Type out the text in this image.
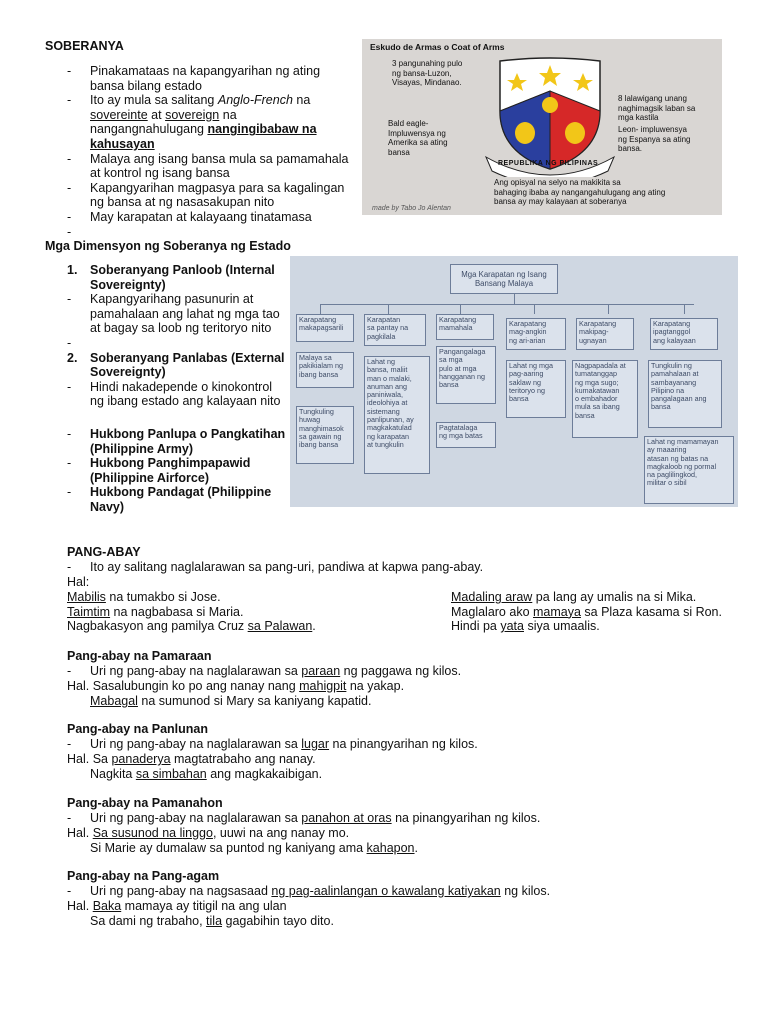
SOBERANYA
- Pinakamataas na kapangyarihan ng ating
bansa bilang estado
- Ito ay mula sa salitang Anglo-French na
soverеinte at sovereign na
nangangnahulugang nangingibabaw na
kahusayan
- Malaya ang isang bansa mula sa pamamahala
at kontrol ng isang bansa
- Kapangyarihan magpasya para sa kagalingan
ng bansa at ng nasasakupan nito
- May karapatan at kalayaang tinatamasa
-

Eskudo de Armas o Coat of Arms
3 pangunahing pulo
ng bansa-Luzon,
Visayas, Mindanao.
8 lalawigang unang
naghimagsik laban sa
mga kastila
Bald eagle-
Impluwensya ng
Amerika sa ating
bansa
Leon- impluwensya
ng Espanya sa ating
bansa.
Ang opisyal na selyo na makikita sa
bahaging ibaba ay nangangahulugang ang ating
bansa ay may kalayaan at soberanya
made by Tabo Jo Alentan
REPUBLIKA NG PILIPINAS
Mga Dimensyon ng Soberanya ng Estado
1. Soberanyang Panloob (Internal
Sovereignty)
- Kapangyarihang pasunurin at
pamahalaan ang lahat ng mga tao
at bagay sa loob ng teritoryo nito
-

2. Soberanyang Panlabas (External
Sovereignty)
- Hindi nakadepende o kinokontrol
ng ibang estado ang kalayaan nito
- Hukbong Panlupa o Pangkatihan
(Philippine Army)
- Hukbong Panghimpapawid
(Philippine Airforce)
- Hukbong Pandagat (Philippine
Navy)
Mga Karapatan ng Isang
Bansang Malaya
Karapatang
makapagsarili
Karapatan
sa pantay na
pagkilala
Karapatang
mamahala	Karapatang
mag-angkin
ng ari-arian
Karapatang
makipag-
ugnayan
Karapatang
ipagtanggol
ang kalayaan
Malaya sa
pakikialam ng
ibang bansa
Tungkuling
huwag
manghimasok
sa gawain ng
ibang bansa
Lahat ng
bansa, maliit
man o malaki,
anuman ang
paniniwala,
ideolohiya at
sistemang
panlipunan, ay
magkakatulad
ng karapatan
at tungkulin
Pangangalaga
sa mga
pulo at mga
hangganan ng
bansa
Pagtatalaga
ng mga batas
Lahat ng mga
pag-aaring
saklaw ng
teritoryo ng
bansa
Nagpapadala at
tumatanggap
ng mga sugo;
kumakatawan
o embahador
mula sa ibang
bansa
Tungkulin ng
pamahalaan at
sambayanang
Pilipino na
pangalagaan ang
bansa
Lahat ng mamamayan
ay maaaring
atasan ng batas na
magkaloob ng pormal
na paglilingkod,
militar o sibil
PANG-ABAY
- Ito ay salitang naglalarawan sa pang-uri, pandiwa at kapwa pang-abay.
Hal:
Mabilis na tumakbo si Jose.
Taimtim na nagbabasa si Maria.
Nagbakasyon ang pamilya Cruz sa Palawan.
Madaling araw pa lang ay umalis na si Mika.
Maglalaro ako mamaya sa Plaza kasama si Ron.
Hindi pa yata siya umaalis.
Pang-abay na Pamaraan
- Uri ng pang-abay na naglalarawan sa paraan ng paggawa ng kilos.
Hal. Sasalubungin ko po ang nanay nang mahigpit na yakap.
Mabagal na sumunod si Mary sa kaniyang kapatid.
Pang-abay na Panlunan
- Uri ng pang-abay na naglalarawan sa lugar na pinangyarihan ng kilos.
Hal. Sa panaderya magtatrabaho ang nanay.
Nagkita sa simbahan ang magkakaibigan.
Pang-abay na Pamanahon
- Uri ng pang-abay na naglalarawan sa panahon at oras na pinangyarihan ng kilos.
Hal. Sa susunod na linggo, uuwi na ang nanay mo.
Si Marie ay dumalaw sa puntod ng kaniyang ama kahapon.
Pang-abay na Pang-agam
- Uri ng pang-abay na nagsasaad ng pag-aalinlangan o kawalang katiyakan ng kilos.
Hal. Baka mamaya ay titigil na ang ulan
Sa dami ng trabaho, tila gagabihin tayo dito.
